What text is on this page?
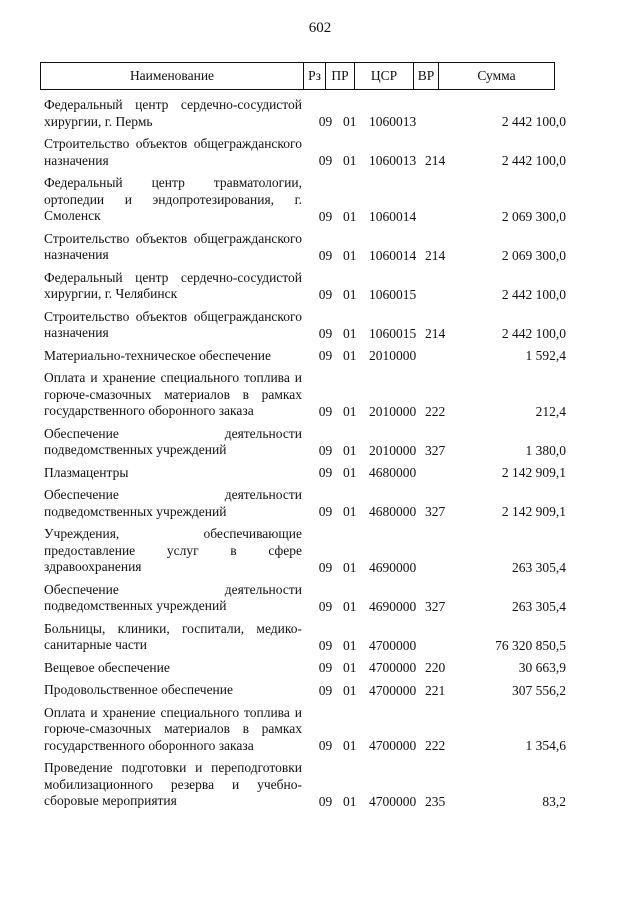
602
Наименование	Рз	ПР	ЦСР	ВР	Сумма
Федеральный центр сердечно-сосудистой хирургии, г. Пермь	09 01 1060013	2 442 100,0
Строительство объектов общегражданского назначения	09 01 1060013 214	2 442 100,0
Федеральный центр травматологии, ортопедии и эндопротезирования, г. Смоленск	09 01 1060014	2 069 300,0
Строительство объектов общегражданского назначения	09 01 1060014 214	2 069 300,0
Федеральный центр сердечно-сосудистой хирургии, г. Челябинск	09 01 1060015	2 442 100,0
Строительство объектов общегражданского назначения	09 01 1060015 214	2 442 100,0
Материально-техническое обеспечение	09 01 2010000	1 592,4
Оплата и хранение специального топлива и горюче-смазочных материалов в рамках государственного оборонного заказа	09 01 2010000 222	212,4
Обеспечение деятельности подведомственных учреждений	09 01 2010000 327	1 380,0
Плазмацентры	09 01 4680000	2 142 909,1
Обеспечение деятельности подведомственных учреждений	09 01 4680000 327	2 142 909,1
Учреждения, обеспечивающие предоставление услуг в сфере здравоохранения	09 01 4690000	263 305,4
Обеспечение деятельности подведомственных учреждений	09 01 4690000 327	263 305,4
Больницы, клиники, госпитали, медико-санитарные части	09 01 4700000	76 320 850,5
Вещевое обеспечение	09 01 4700000 220	30 663,9
Продовольственное обеспечение	09 01 4700000 221	307 556,2
Оплата и хранение специального топлива и горюче-смазочных материалов в рамках государственного оборонного заказа	09 01 4700000 222	1 354,6
Проведение подготовки и переподготовки мобилизационного резерва и учебно-сборовые мероприятия	09 01 4700000 235	83,2
